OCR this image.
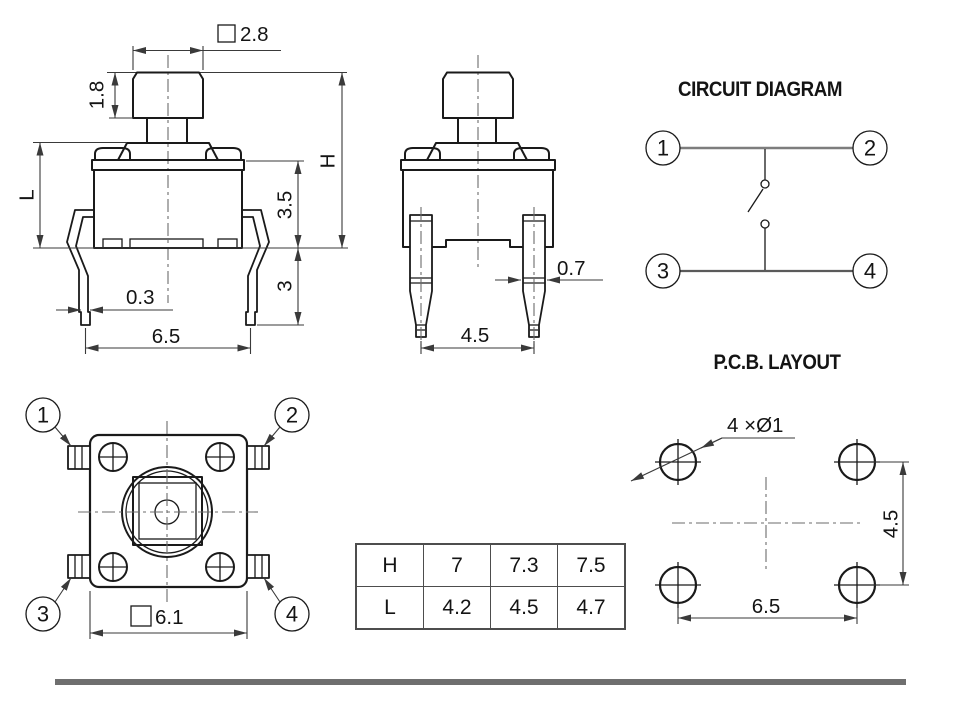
2.8
1.8
L
H
3.5
3
0.3
6.5
0.7
4.5
CIRCUIT DIAGRAM
1	2
3	4
1	2
3	4
6.1
P.C.B. LAYOUT
4 ×Ø1
4.5
6.5
H	7	7.3	7.5
L	4.2	4.5	4.7
